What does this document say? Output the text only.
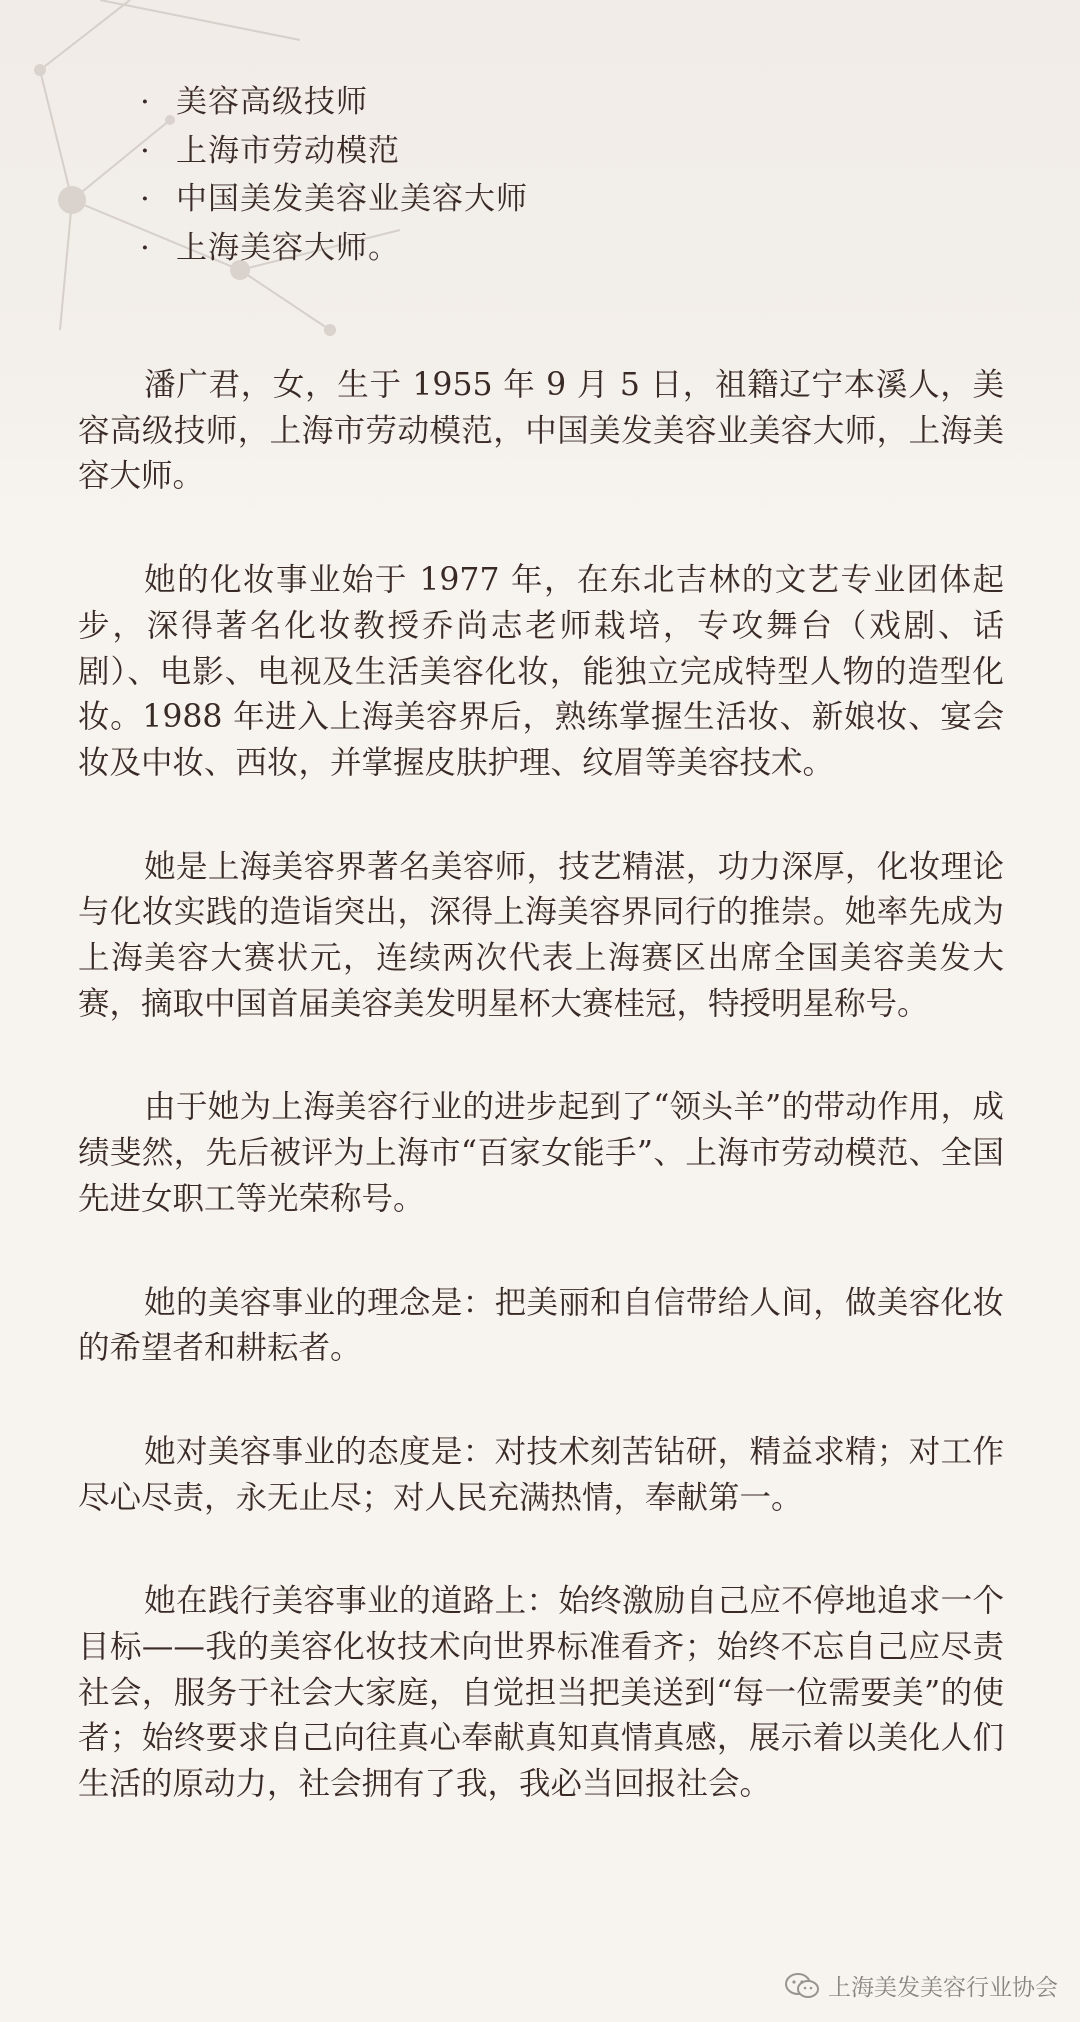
· 美容高级技师
· 上海市劳动模范
· 中国美发美容业美容大师
· 上海美容大师。

潘广君，女，生于 1955 年 9 月 5 日，祖籍辽宁本溪人，美容高级技师，上海市劳动模范，中国美发美容业美容大师，上海美容大师。

她的化妆事业始于 1977 年，在东北吉林的文艺专业团体起步，深得著名化妆教授乔尚志老师栽培，专攻舞台（戏剧、话剧）、电影、电视及生活美容化妆，能独立完成特型人物的造型化妆。1988 年进入上海美容界后，熟练掌握生活妆、新娘妆、宴会妆及中妆、西妆，并掌握皮肤护理、纹眉等美容技术。

她是上海美容界著名美容师，技艺精湛，功力深厚，化妆理论与化妆实践的造诣突出，深得上海美容界同行的推崇。她率先成为上海美容大赛状元，连续两次代表上海赛区出席全国美容美发大赛，摘取中国首届美容美发明星杯大赛桂冠，特授明星称号。

由于她为上海美容行业的进步起到了“领头羊”的带动作用，成绩斐然，先后被评为上海市“百家女能手”、上海市劳动模范、全国先进女职工等光荣称号。

她的美容事业的理念是：把美丽和自信带给人间，做美容化妆的希望者和耕耘者。

她对美容事业的态度是：对技术刻苦钻研，精益求精；对工作尽心尽责，永无止尽；对人民充满热情，奉献第一。

她在践行美容事业的道路上：始终激励自己应不停地追求一个目标——我的美容化妆技术向世界标准看齐；始终不忘自己应尽责社会，服务于社会大家庭，自觉担当把美送到“每一位需要美”的使者；始终要求自己向往真心奉献真知真情真感，展示着以美化人们生活的原动力，社会拥有了我，我必当回报社会。

上海美发美容行业协会
